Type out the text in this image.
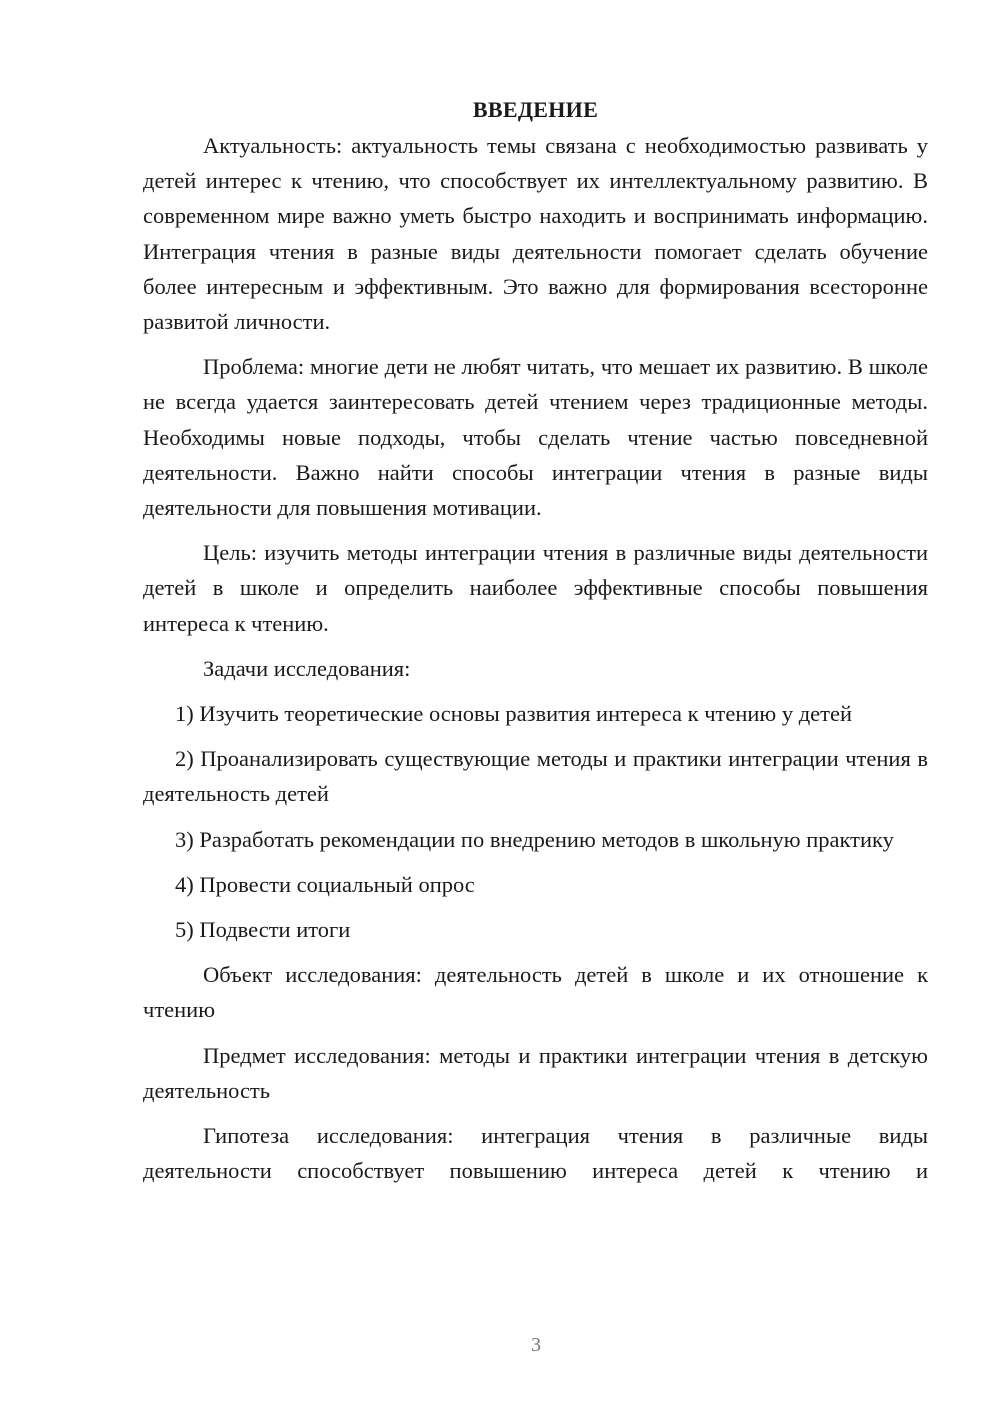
ВВЕДЕНИЕ

Актуальность: актуальность темы связана с необходимостью развивать у детей интерес к чтению, что способствует их интеллектуальному развитию. В современном мире важно уметь быстро находить и воспринимать информацию. Интеграция чтения в разные виды деятельности помогает сделать обучение более интересным и эффективным. Это важно для формирования всесторонне развитой личности.

Проблема: многие дети не любят читать, что мешает их развитию. В школе не всегда удается заинтересовать детей чтением через традиционные методы. Необходимы новые подходы, чтобы сделать чтение частью повседневной деятельности. Важно найти способы интеграции чтения в разные виды деятельности для повышения мотивации.

Цель: изучить методы интеграции чтения в различные виды деятельности детей в школе и определить наиболее эффективные способы повышения интереса к чтению.

Задачи исследования:

1) Изучить теоретические основы развития интереса к чтению у детей

2) Проанализировать существующие методы и практики интеграции чтения в деятельность детей

3) Разработать рекомендации по внедрению методов в школьную практику

4) Провести социальный опрос

5) Подвести итоги

Объект исследования: деятельность детей в школе и их отношение к чтению

Предмет исследования: методы и практики интеграции чтения в детскую деятельность

Гипотеза исследования: интеграция чтения в различные виды деятельности способствует повышению интереса детей к чтению и

3
